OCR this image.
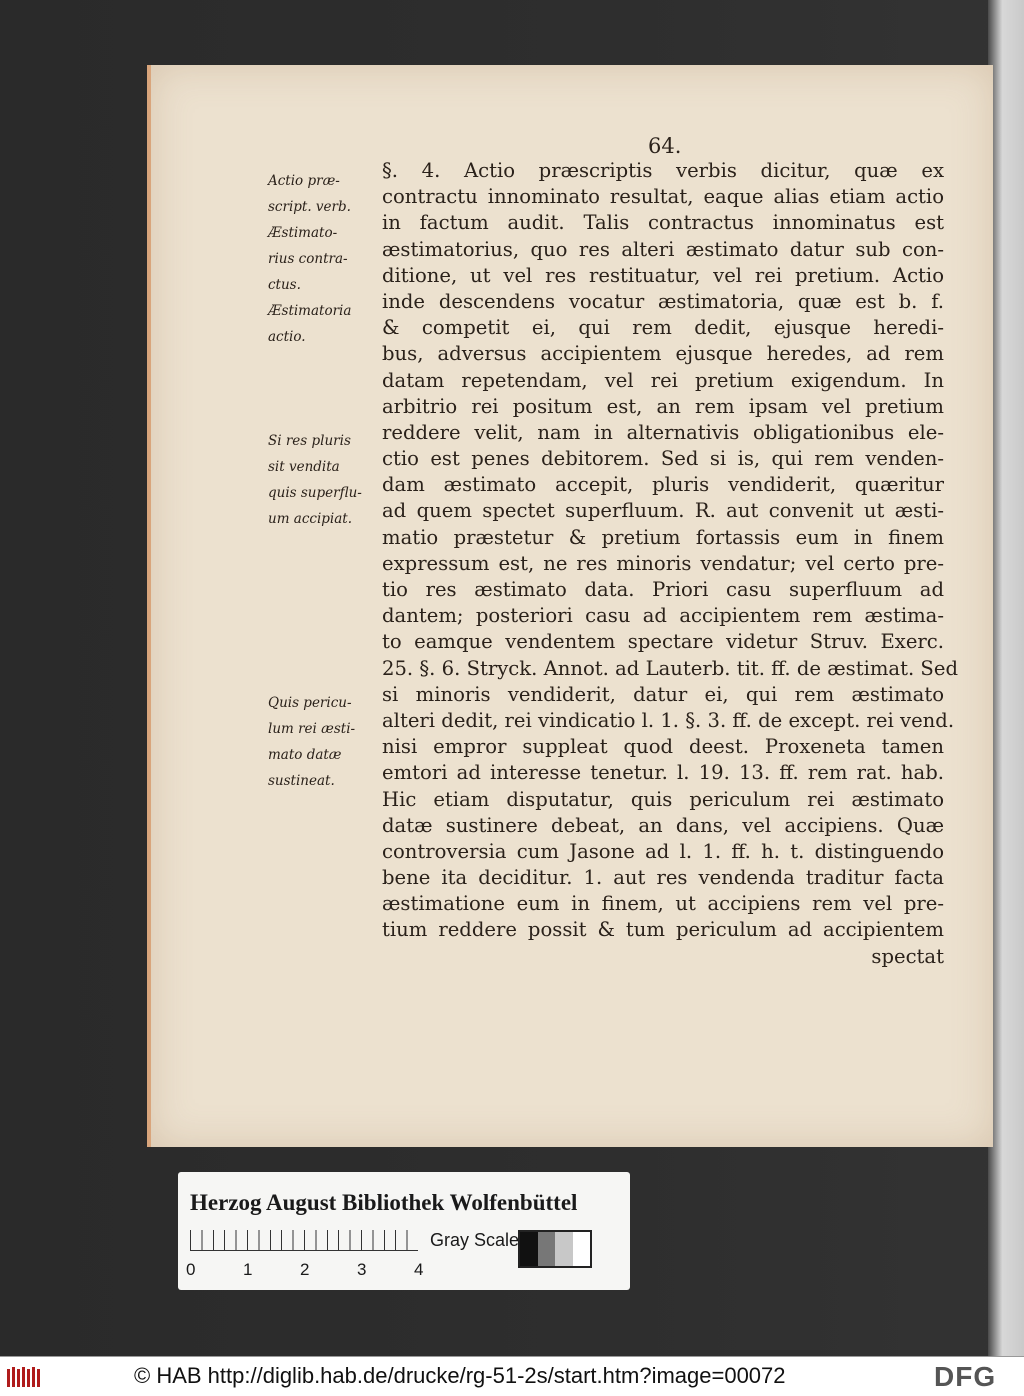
64.
Actio præ-
script. verb.
Æstimato-
rius contra-
ctus.
Æstimatoria
actio.
Si res pluris
sit vendita
quis superflu-
um accipiat.
Quis pericu-
lum rei æsti-
mato datæ
sustineat.
§. 4. Actio præscriptis verbis dicitur, quæ ex
contractu innominato resultat, eaque alias etiam actio
in factum audit. Talis contractus innominatus est
æstimatorius, quo res alteri æstimato datur sub con-
ditione, ut vel res restituatur, vel rei pretium. Actio
inde descendens vocatur æstimatoria, quæ est b. f.
& competit ei, qui rem dedit, ejusque heredi-
bus, adversus accipientem ejusque heredes, ad rem
datam repetendam, vel rei pretium exigendum. In
arbitrio rei positum est, an rem ipsam vel pretium
reddere velit, nam in alternativis obligationibus ele-
ctio est penes debitorem. Sed si is, qui rem venden-
dam æstimato accepit, pluris vendiderit, quæritur
ad quem spectet superfluum. R. aut convenit ut æsti-
matio præstetur & pretium fortassis eum in finem
expressum est, ne res minoris vendatur; vel certo pre-
tio res æstimato data. Priori casu superfluum ad
dantem; posteriori casu ad accipientem rem æstima-
to eamque vendentem spectare videtur Struv. Exerc.
25. §. 6. Stryck. Annot. ad Lauterb. tit. ff. de æstimat. Sed
si minoris vendiderit, datur ei, qui rem æstimato
alteri dedit, rei vindicatio l. 1. §. 3. ff. de except. rei vend.
nisi empror suppleat quod deest. Proxeneta tamen
emtori ad interesse tenetur. l. 19. 13. ff. rem rat. hab.
Hic etiam disputatur, quis periculum rei æstimato
datæ sustinere debeat, an dans, vel accipiens. Quæ
controversia cum Jasone ad l. 1. ff. h. t. distinguendo
bene ita deciditur. 1. aut res vendenda traditur facta
æstimatione eum in finem, ut accipiens rem vel pre-
tium reddere possit & tum periculum ad accipientem
spectat
Herzog August Bibliothek Wolfenbüttel
0	1	2	3	4
Gray Scale
© HAB http://diglib.hab.de/drucke/rg-51-2s/start.htm?image=00072	DFG
